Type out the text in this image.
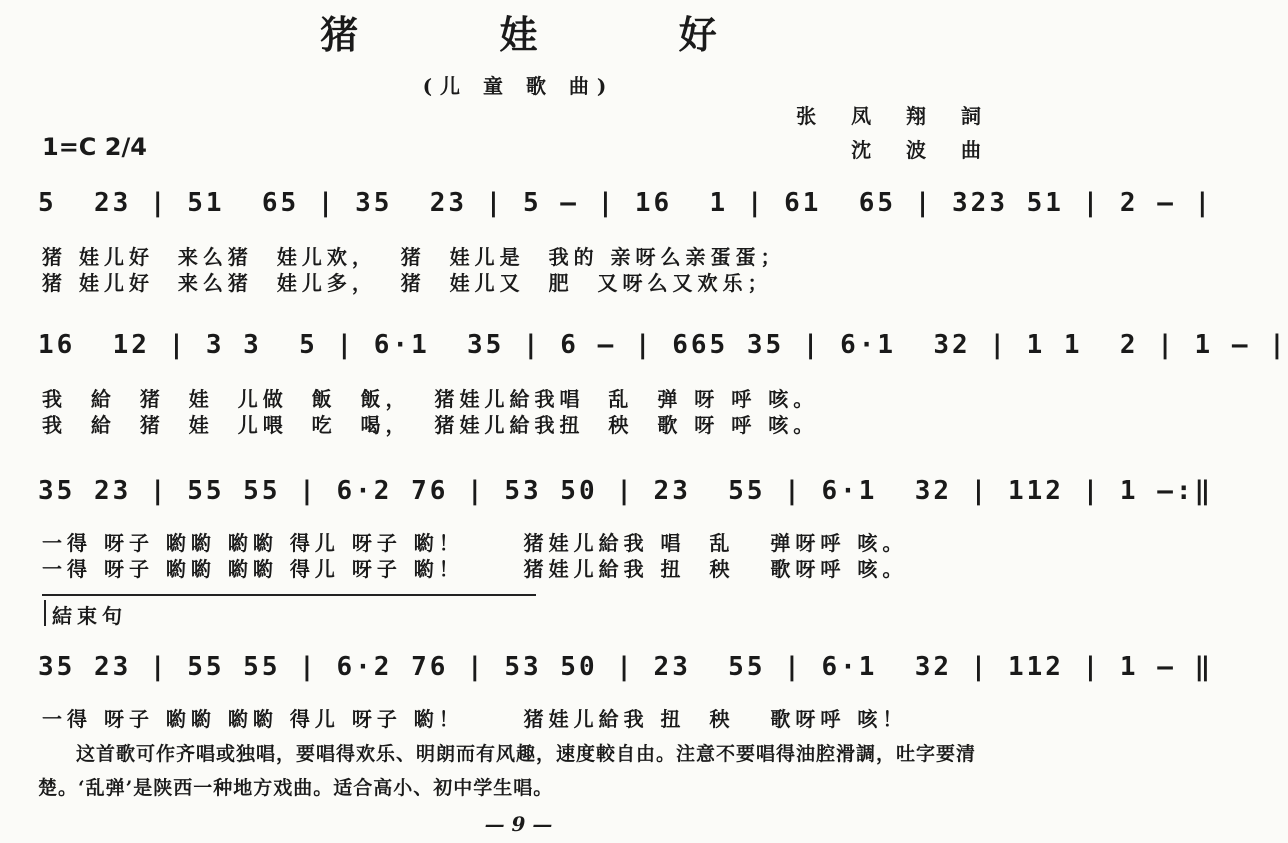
猪 娃 好
(儿 童 歌 曲)
张 凤 翔 詞
沈 波 曲
1=C 2/4
5  23 | 51  65 | 35  23 | 5 — | 16  1 | 61  65 | 323 51 | 2 — |
猪 娃儿好  来么猪  娃儿欢，  猪  娃儿是  我的 亲呀么亲蛋蛋；
猪 娃儿好  来么猪  娃儿多，  猪  娃儿又  肥  又呀么又欢乐；
16  12 | 3 3  5 | 6·1  35 | 6 — | 665 35 | 6·1  32 | 1 1  2 | 1 — |
我  給  猪  娃  儿做  飯  飯，  猪娃儿給我唱  乱  弹 呀 呼 咳。
我  給  猪  娃  儿喂  吃  喝，  猪娃儿給我扭  秧  歌 呀 呼 咳。
35 23 | 55 55 | 6·2 76 | 53 50 | 23  55 | 6·1  32 | 112 | 1 —:‖
一得 呀子 喲喲 喲喲 得儿 呀子 喲！     猪娃儿給我 唱  乱   弹呀呼 咳。
一得 呀子 喲喲 喲喲 得儿 呀子 喲！     猪娃儿給我 扭  秧   歌呀呼 咳。
結束句
35 23 | 55 55 | 6·2 76 | 53 50 | 23  55 | 6·1  32 | 112 | 1 — ‖
一得 呀子 喲喲 喲喲 得儿 呀子 喲！     猪娃儿給我 扭  秧   歌呀呼 咳！
这首歌可作齐唱或独唱，要唱得欢乐、明朗而有风趣，速度較自由。注意不要唱得油腔滑調，吐字要清楚。‘乱弹’是陕西一种地方戏曲。适合高小、初中学生唱。
— 9 —
